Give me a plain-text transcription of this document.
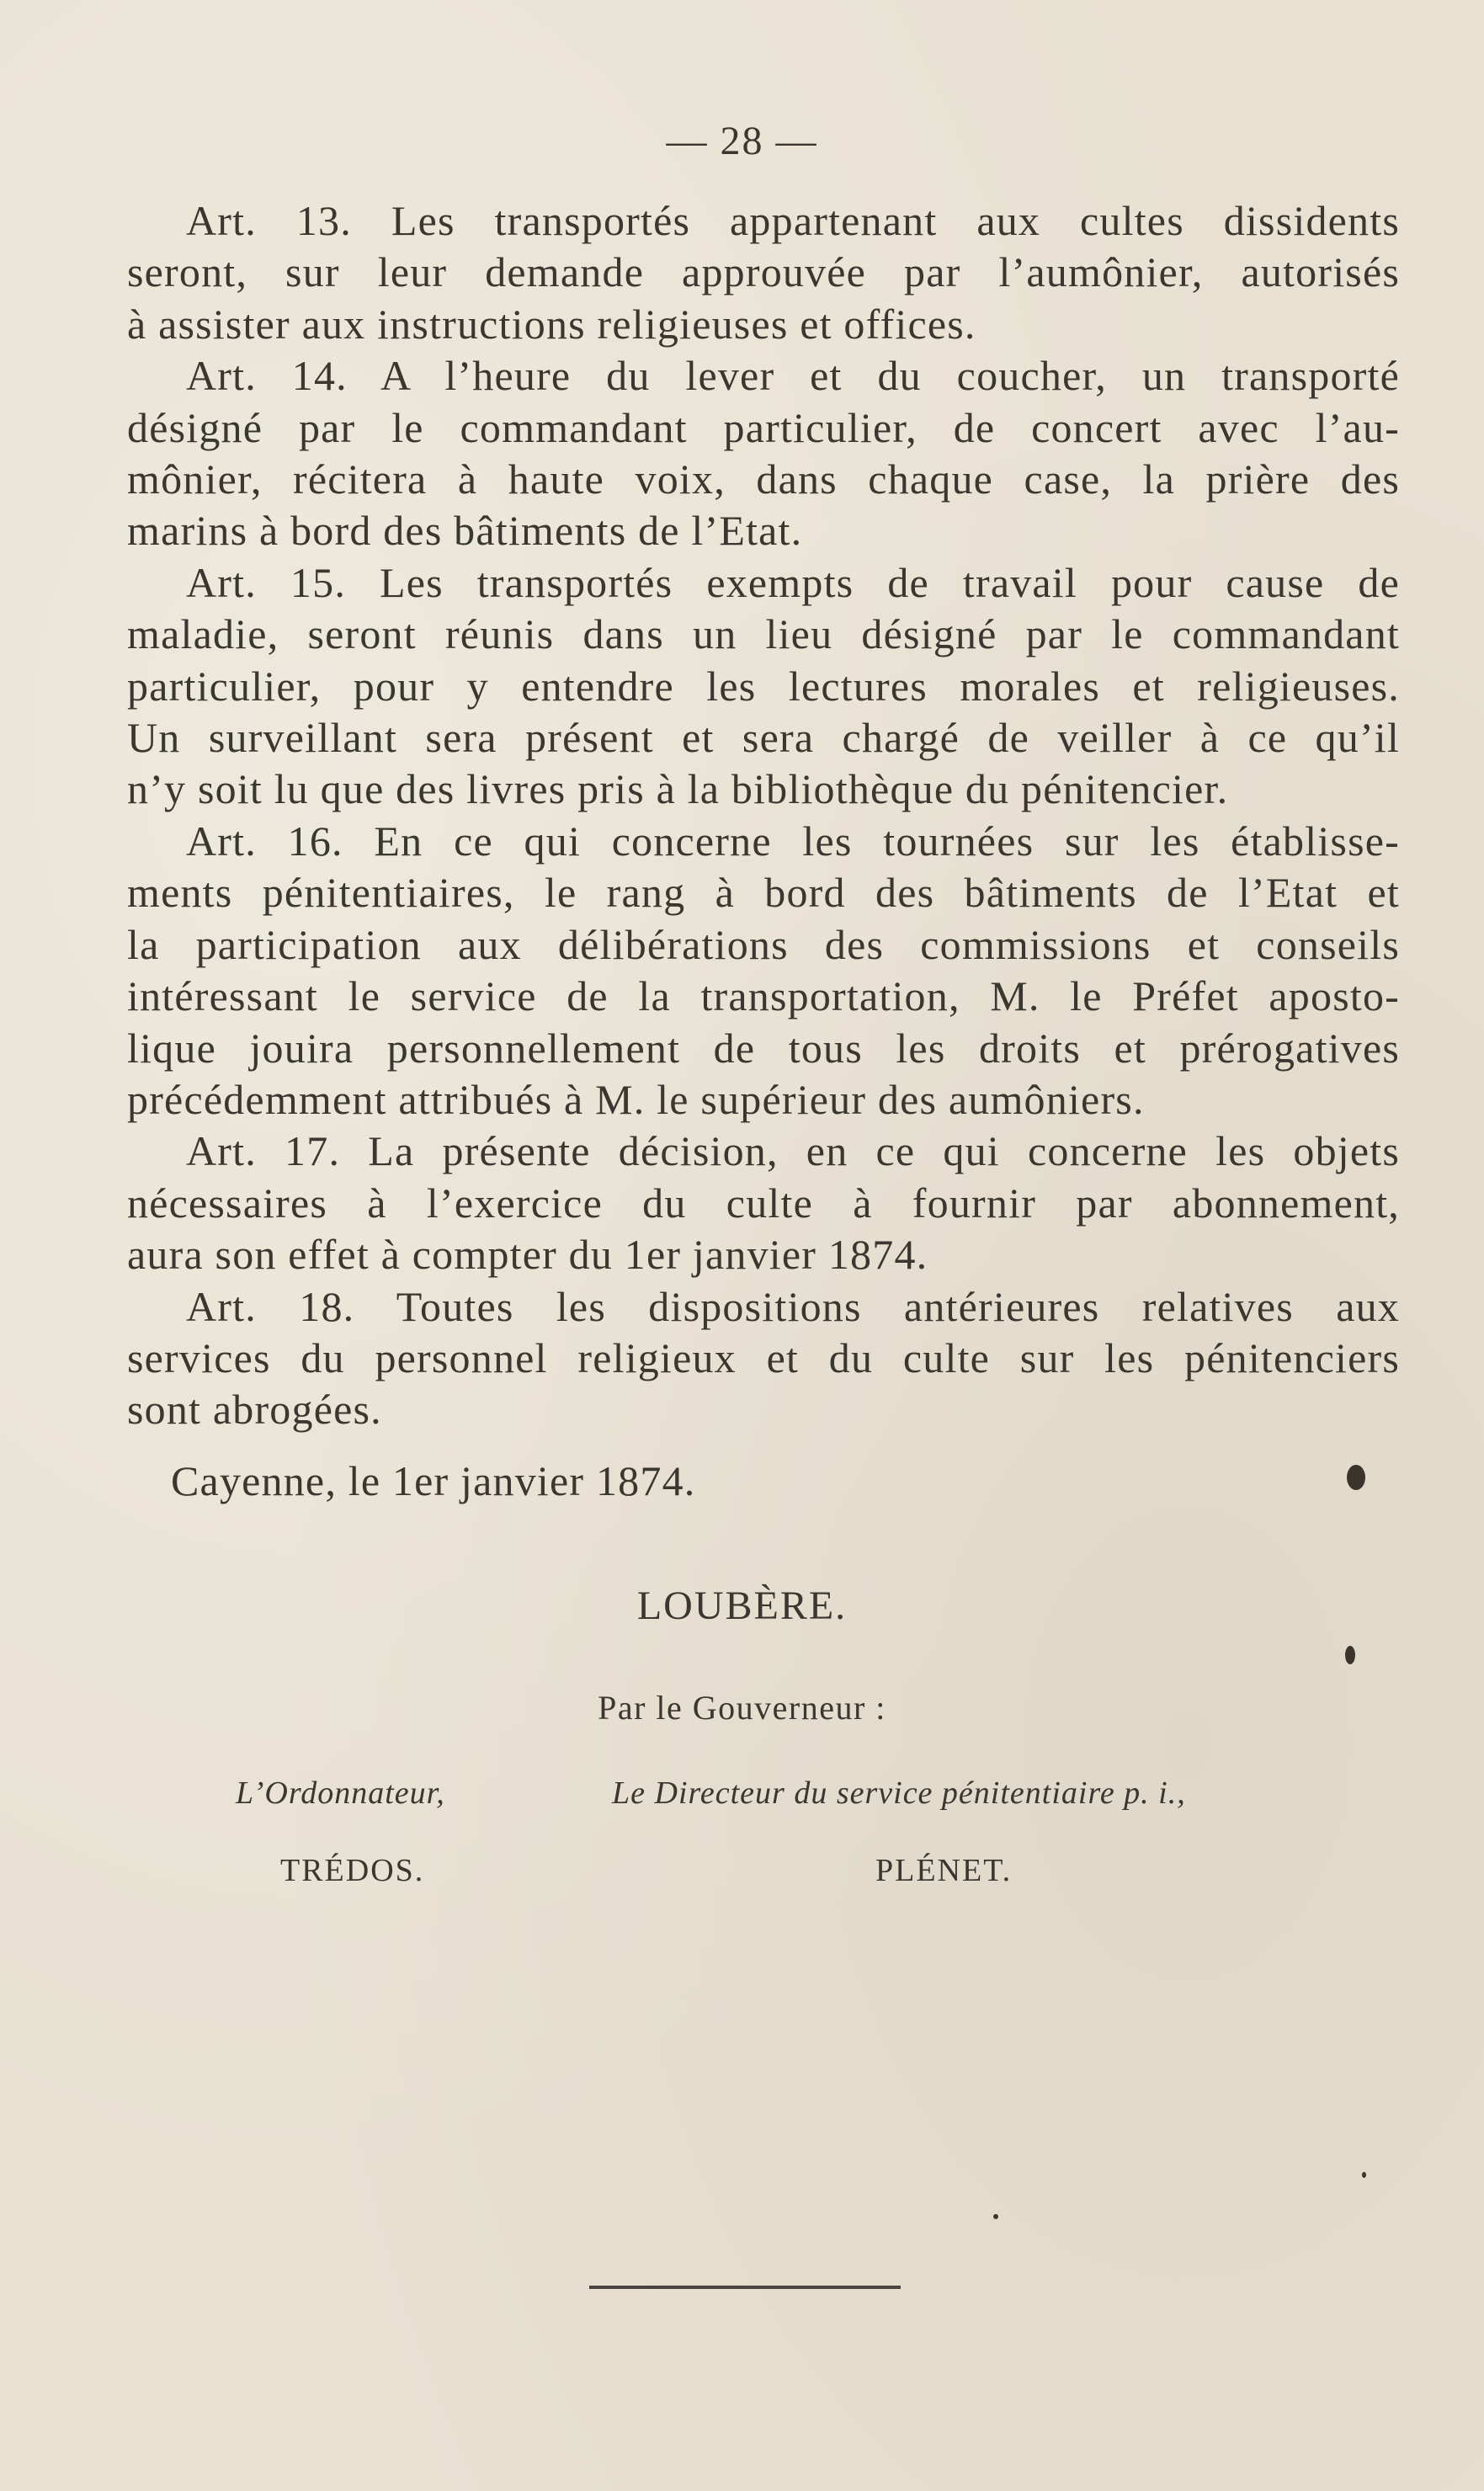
— 28 —
Art. 13. Les transportés appartenant aux cultes dissidents
seront, sur leur demande approuvée par l’aumônier, autorisés
à assister aux instructions religieuses et offices.
Art. 14. A l’heure du lever et du coucher, un transporté
désigné par le commandant particulier, de concert avec l’au-
mônier, récitera à haute voix, dans chaque case, la prière des
marins à bord des bâtiments de l’Etat.
Art. 15. Les transportés exempts de travail pour cause de
maladie, seront réunis dans un lieu désigné par le commandant
particulier, pour y entendre les lectures morales et religieuses.
Un surveillant sera présent et sera chargé de veiller à ce qu’il
n’y soit lu que des livres pris à la bibliothèque du pénitencier.
Art. 16. En ce qui concerne les tournées sur les établisse-
ments pénitentiaires, le rang à bord des bâtiments de l’Etat et
la participation aux délibérations des commissions et conseils
intéressant le service de la transportation, M. le Préfet aposto-
lique jouira personnellement de tous les droits et prérogatives
précédemment attribués à M. le supérieur des aumôniers.
Art. 17. La présente décision, en ce qui concerne les objets
nécessaires à l’exercice du culte à fournir par abonnement,
aura son effet à compter du 1er janvier 1874.
Art. 18. Toutes les dispositions antérieures relatives aux
services du personnel religieux et du culte sur les pénitenciers
sont abrogées.
Cayenne, le 1er janvier 1874.
LOUBÈRE.
Par le Gouverneur :
L’Ordonnateur,	Le Directeur du service pénitentiaire p. i.,
TRÉDOS.	PLÉNET.
